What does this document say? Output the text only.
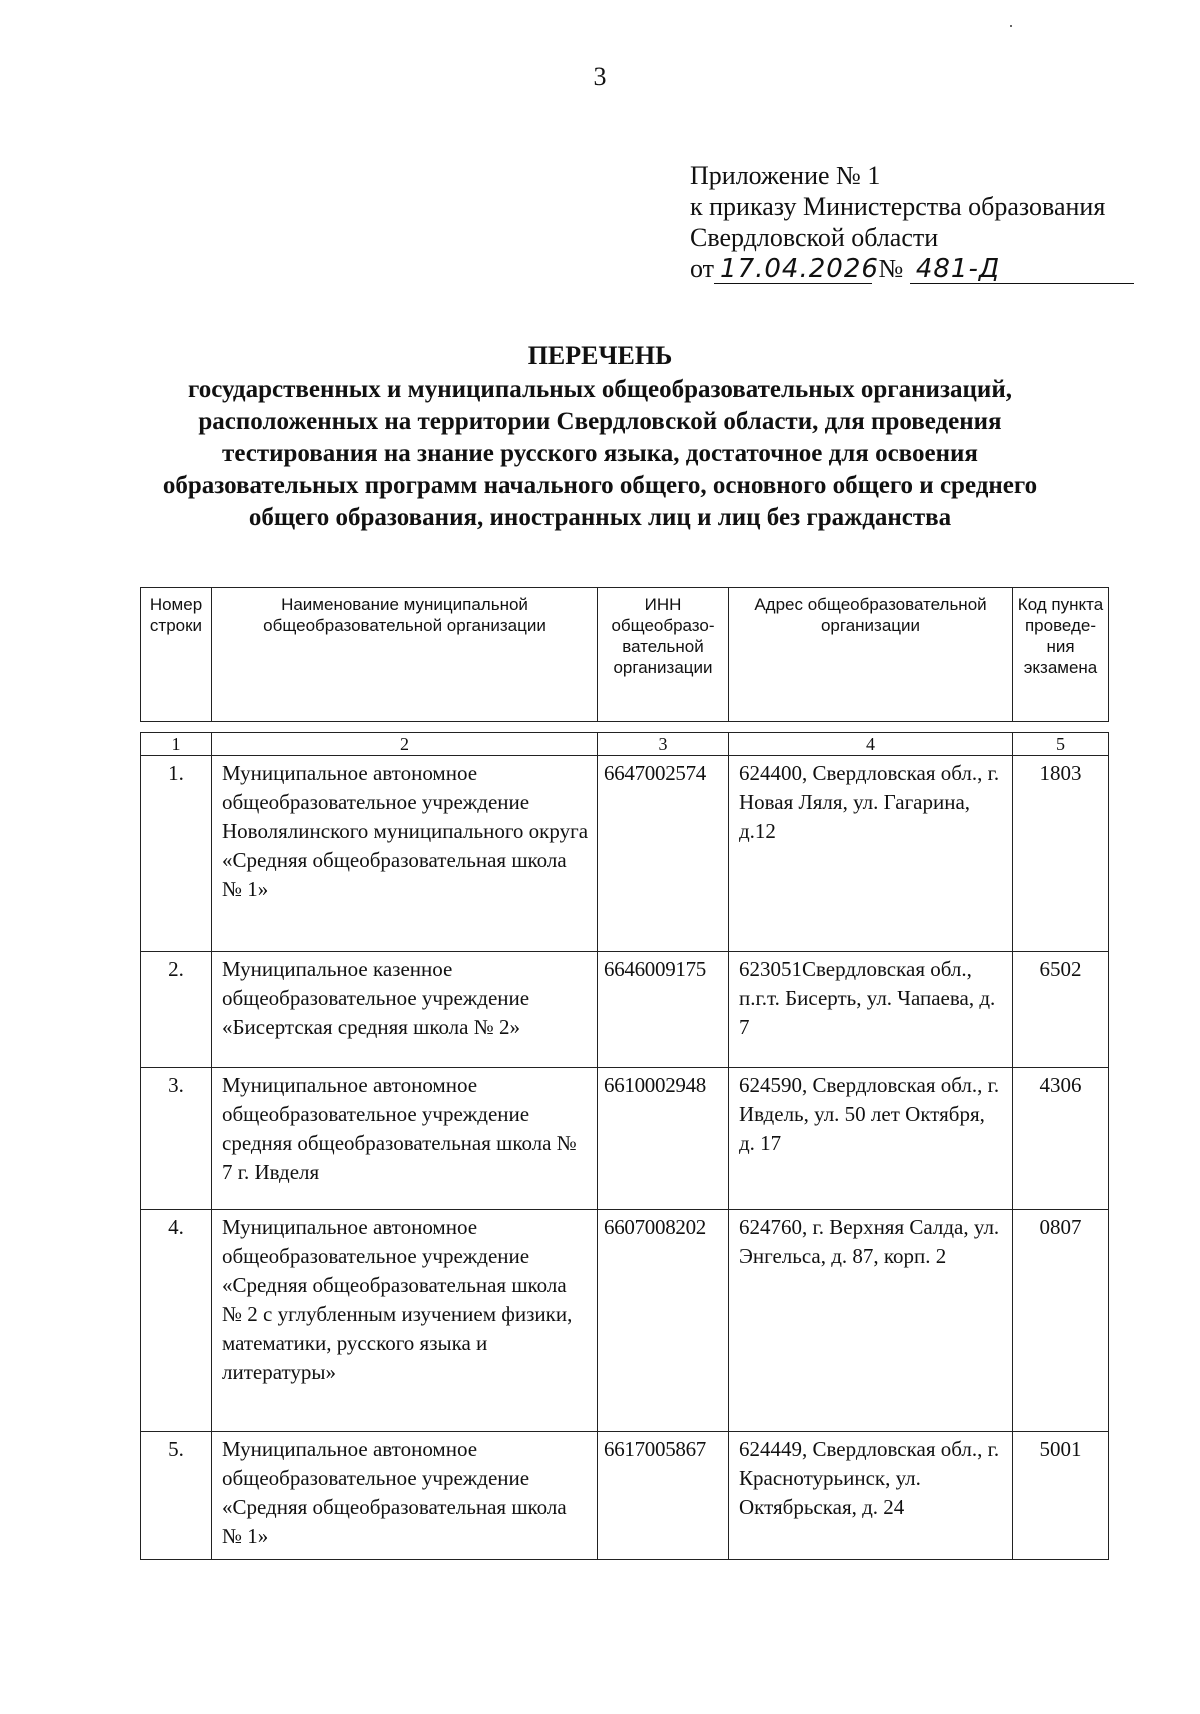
3
Приложение № 1
к приказу Министерства образования
Свердловской области
от 17.04.2026 № 481-Д
ПЕРЕЧЕНЬ
государственных и муниципальных общеобразовательных организаций,
расположенных на территории Свердловской области, для проведения
тестирования на знание русского языка, достаточное для освоения
образовательных программ начального общего, основного общего и среднего
общего образования, иностранных лиц и лиц без гражданства
Номер строки	Наименование муниципальной общеобразовательной организации	ИНН общеобразо-вательной организации	Адрес общеобразовательной организации	Код пункта проведе-ния экзамена

1	2	3	4	5
1.	Муниципальное автономное общеобразовательное учреждение Новолялинского муниципального округа «Средняя общеобразовательная школа № 1»	6647002574	624400, Свердловская обл., г. Новая Ляля, ул. Гагарина, д.12	1803
2.	Муниципальное казенное общеобразовательное учреждение «Бисертская средняя школа № 2»	6646009175	623051Свердловская обл., п.г.т. Бисерть, ул. Чапаева, д. 7	6502
3.	Муниципальное автономное общеобразовательное учреждение средняя общеобразовательная школа № 7 г. Ивделя	6610002948	624590, Свердловская обл., г. Ивдель, ул. 50 лет Октября, д. 17	4306
4.	Муниципальное автономное общеобразовательное учреждение «Средняя общеобразовательная школа № 2 с углубленным изучением физики, математики, русского языка и литературы»	6607008202	624760, г. Верхняя Салда, ул. Энгельса, д. 87, корп. 2	0807
5.	Муниципальное автономное общеобразовательное учреждение «Средняя общеобразовательная школа № 1»	6617005867	624449, Свердловская обл., г. Краснотурьинск, ул. Октябрьская, д. 24	5001
